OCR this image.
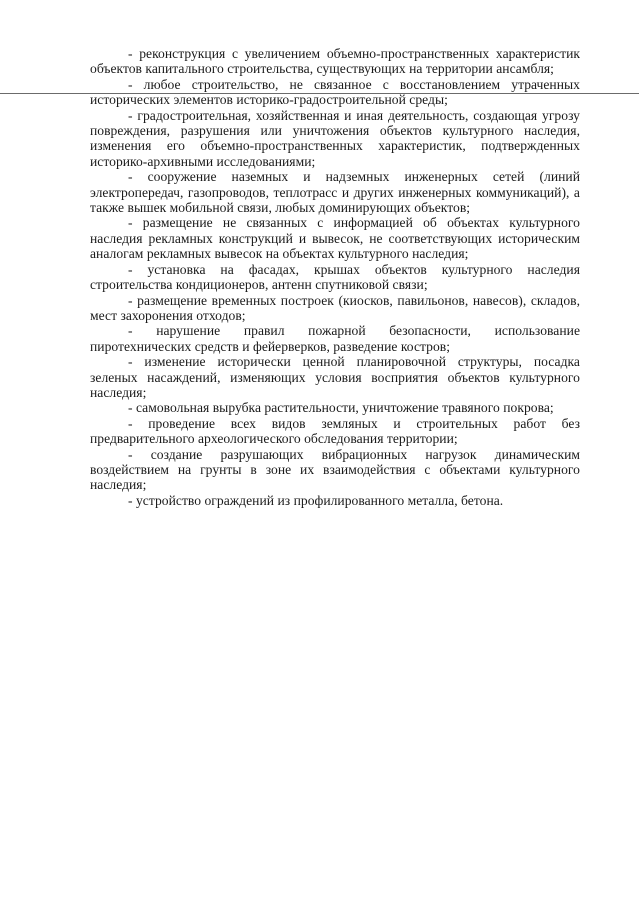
- реконструкция с увеличением объемно-пространственных характеристик объектов капитального строительства, существующих на территории ансамбля;

- любое строительство, не связанное с восстановлением утраченных исторических элементов историко-градостроительной среды;

- градостроительная, хозяйственная и иная деятельность, создающая угрозу повреждения, разрушения или уничтожения объектов культурного наследия, изменения его объемно-пространственных характеристик, подтвержденных историко-архивными исследованиями;

- сооружение наземных и надземных инженерных сетей (линий электропередач, газопроводов, теплотрасс и других инженерных коммуникаций), а также вышек мобильной связи, любых доминирующих объектов;

- размещение не связанных с информацией об объектах культурного наследия рекламных конструкций и вывесок, не соответствующих историческим аналогам рекламных вывесок на объектах культурного наследия;

- установка на фасадах, крышах объектов культурного наследия строительства кондиционеров, антенн спутниковой связи;

- размещение временных построек (киосков, павильонов, навесов), складов, мест захоронения отходов;

- нарушение правил пожарной безопасности, использование пиротехнических средств и фейерверков, разведение костров;

- изменение исторически ценной планировочной структуры, посадка зеленых насаждений, изменяющих условия восприятия объектов культурного наследия;

- самовольная вырубка растительности, уничтожение травяного покрова;

- проведение всех видов земляных и строительных работ без предварительного археологического обследования территории;

- создание разрушающих вибрационных нагрузок динамическим воздействием на грунты в зоне их взаимодействия с объектами культурного наследия;

- устройство ограждений из профилированного металла, бетона.
